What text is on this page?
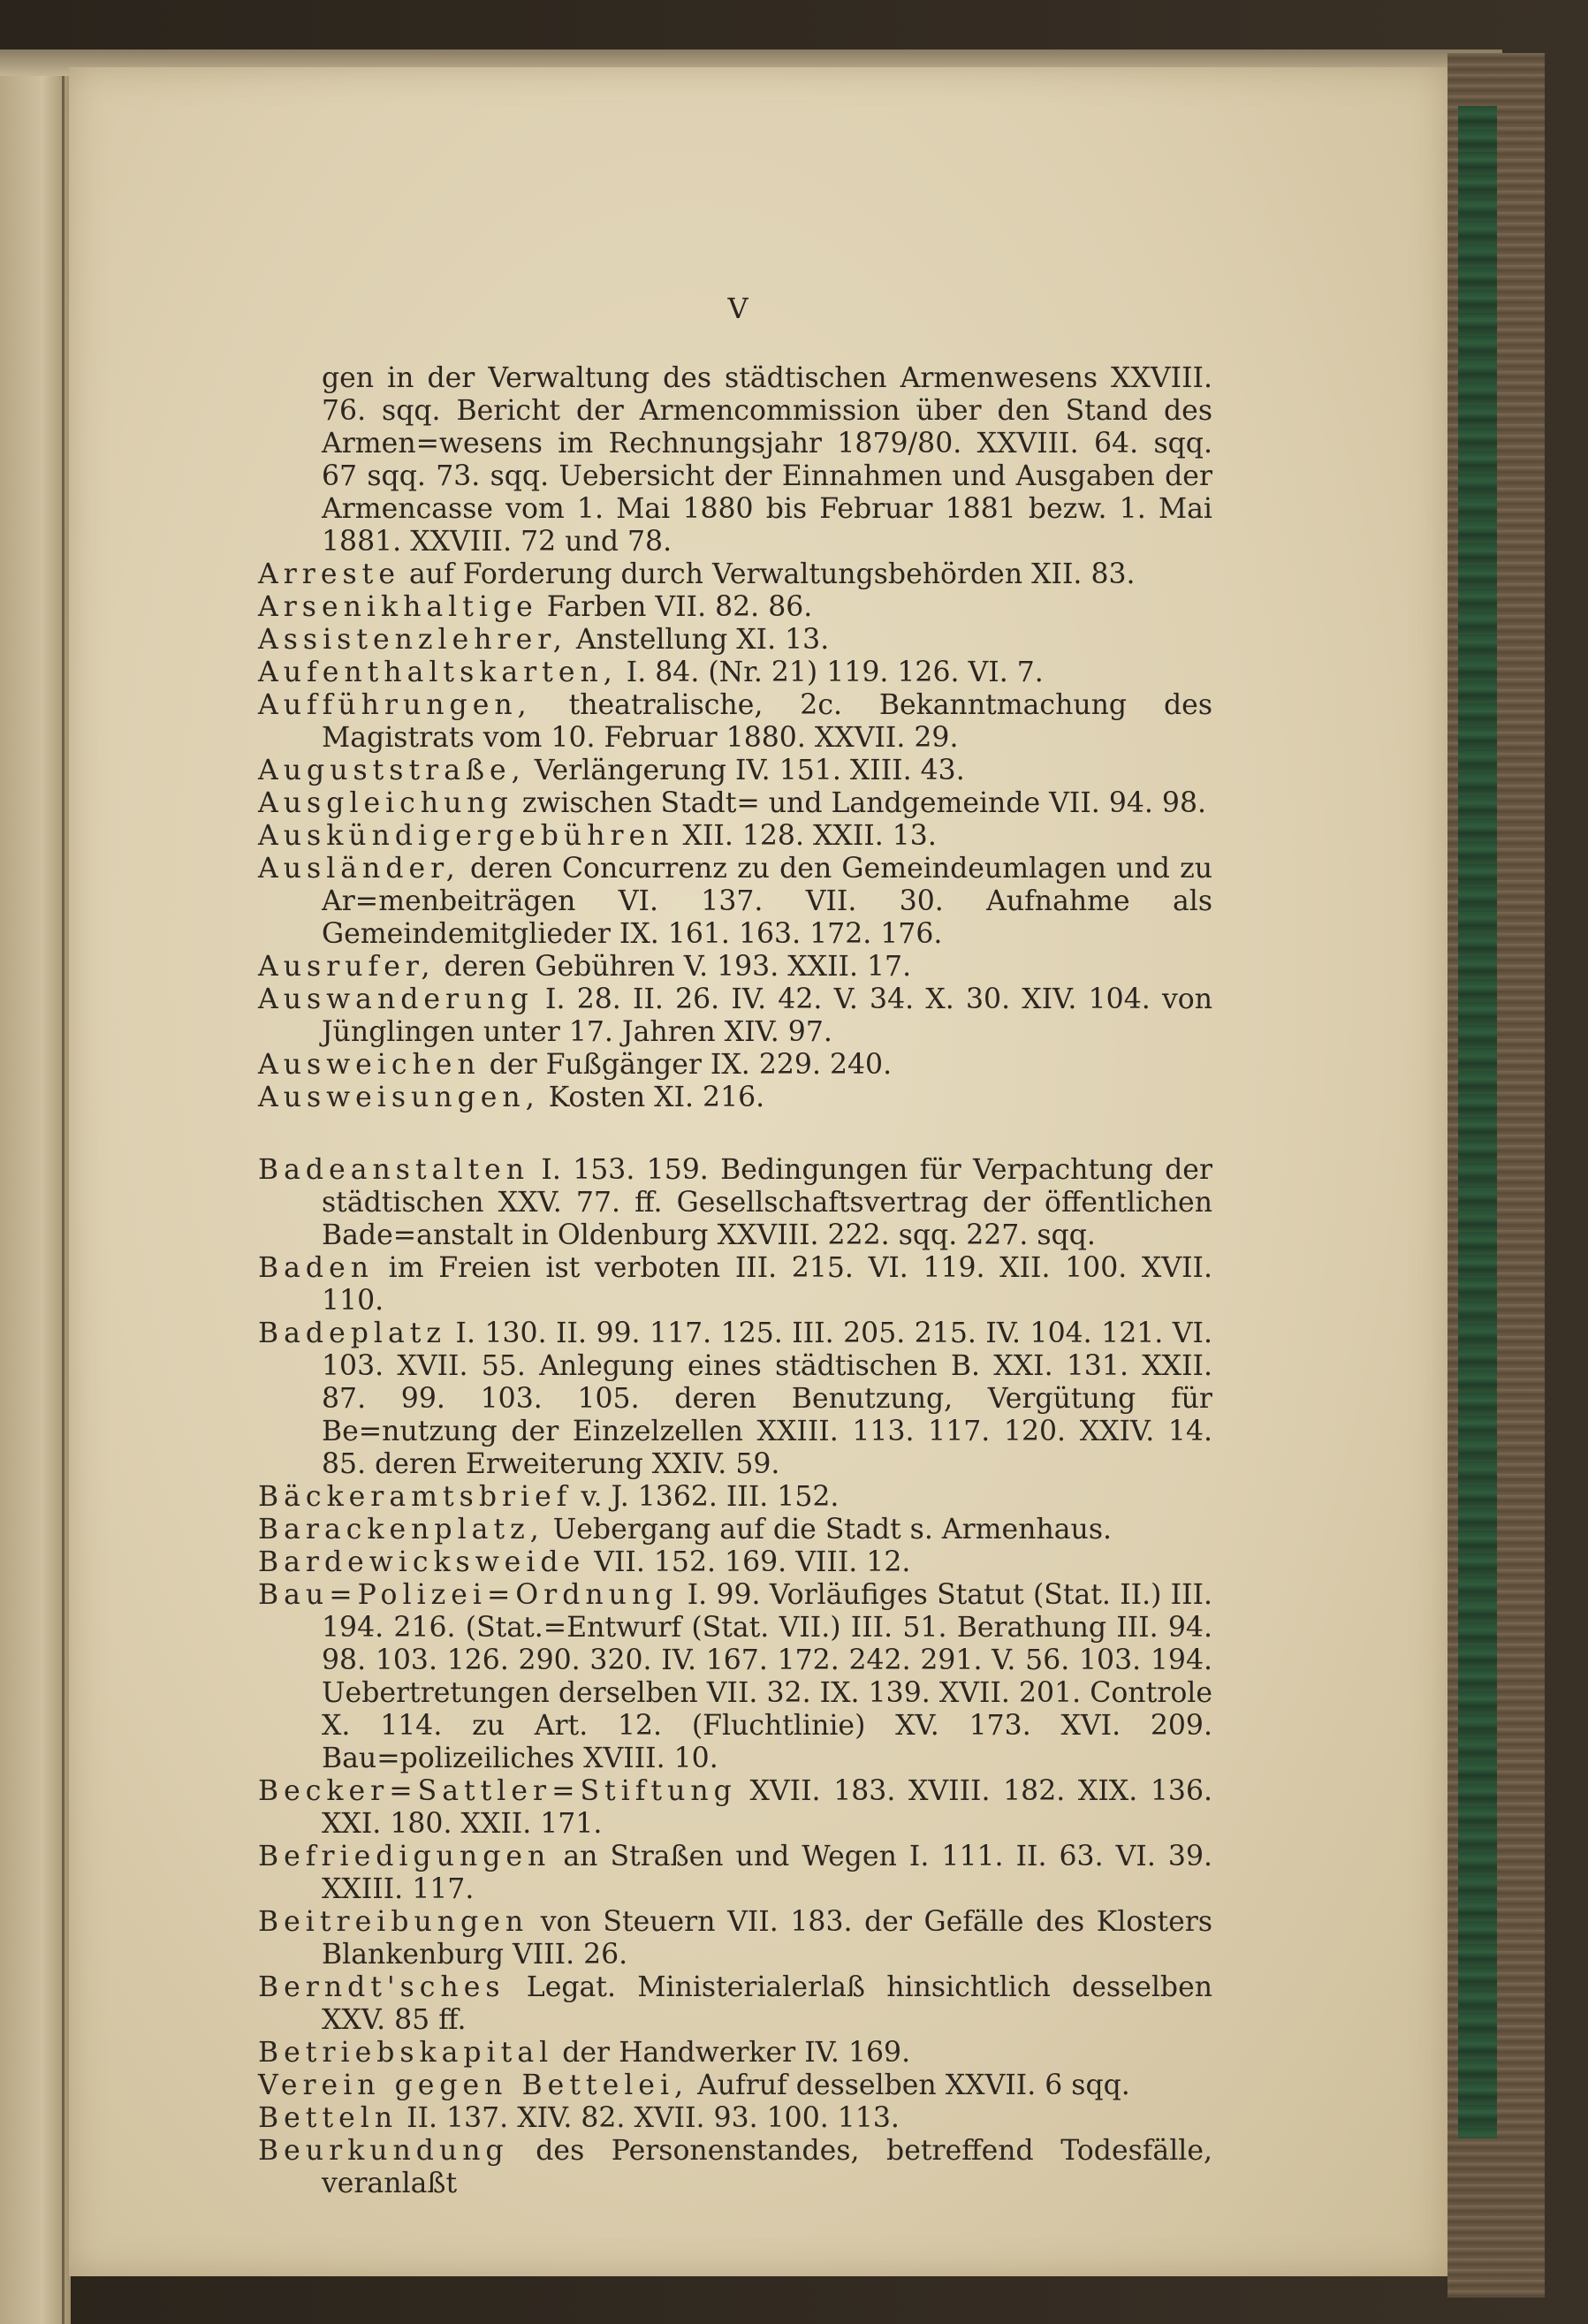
V

gen in der Verwaltung des städtischen Armenwesens XXVIII. 76. sqq. Bericht der Armencommission über den Stand des Armen=wesens im Rechnungsjahr 1879/80. XXVIII. 64. sqq. 67 sqq. 73. sqq. Uebersicht der Einnahmen und Ausgaben der Armencasse vom 1. Mai 1880 bis Februar 1881 bezw. 1. Mai 1881. XXVIII. 72 und 78.

Arreste auf Forderung durch Verwaltungsbehörden XII. 83.

Arsenikhaltige Farben VII. 82. 86.

Assistenzlehrer, Anstellung XI. 13.

Aufenthaltskarten, I. 84. (Nr. 21) 119. 126. VI. 7.

Aufführungen, theatralische, 2c. Bekanntmachung des Magistrats vom 10. Februar 1880. XXVII. 29.

Auguststraße, Verlängerung IV. 151. XIII. 43.

Ausgleichung zwischen Stadt= und Landgemeinde VII. 94. 98.

Auskündigergebühren XII. 128. XXII. 13.

Ausländer, deren Concurrenz zu den Gemeindeumlagen und zu Ar=menbeiträgen VI. 137. VII. 30. Aufnahme als Gemeindemitglieder IX. 161. 163. 172. 176.

Ausrufer, deren Gebühren V. 193. XXII. 17.

Auswanderung I. 28. II. 26. IV. 42. V. 34. X. 30. XIV. 104. von Jünglingen unter 17. Jahren XIV. 97.

Ausweichen der Fußgänger IX. 229. 240.

Ausweisungen, Kosten XI. 216.

Badeanstalten I. 153. 159. Bedingungen für Verpachtung der städtischen XXV. 77. ff. Gesellschaftsvertrag der öffentlichen Bade=anstalt in Oldenburg XXVIII. 222. sqq. 227. sqq.

Baden im Freien ist verboten III. 215. VI. 119. XII. 100. XVII. 110.

Badeplatz I. 130. II. 99. 117. 125. III. 205. 215. IV. 104. 121. VI. 103. XVII. 55. Anlegung eines städtischen B. XXI. 131. XXII. 87. 99. 103. 105. deren Benutzung, Vergütung für Be=nutzung der Einzelzellen XXIII. 113. 117. 120. XXIV. 14. 85. deren Erweiterung XXIV. 59.

Bäckeramtsbrief v. J. 1362. III. 152.

Barackenplatz, Uebergang auf die Stadt s. Armenhaus.

Bardewicksweide VII. 152. 169. VIII. 12.

Bau=Polizei=Ordnung I. 99. Vorläufiges Statut (Stat. II.) III. 194. 216. (Stat.=Entwurf (Stat. VII.) III. 51. Berathung III. 94. 98. 103. 126. 290. 320. IV. 167. 172. 242. 291. V. 56. 103. 194. Uebertretungen derselben VII. 32. IX. 139. XVII. 201. Controle X. 114. zu Art. 12. (Fluchtlinie) XV. 173. XVI. 209. Bau=polizeiliches XVIII. 10.

Becker=Sattler=Stiftung XVII. 183. XVIII. 182. XIX. 136. XXI. 180. XXII. 171.

Befriedigungen an Straßen und Wegen I. 111. II. 63. VI. 39. XXIII. 117.

Beitreibungen von Steuern VII. 183. der Gefälle des Klosters Blankenburg VIII. 26.

Berndt'sches Legat. Ministerialerlaß hinsichtlich desselben XXV. 85 ff.

Betriebskapital der Handwerker IV. 169.

Verein gegen Bettelei, Aufruf desselben XXVII. 6 sqq.

Betteln II. 137. XIV. 82. XVII. 93. 100. 113.

Beurkundung des Personenstandes, betreffend Todesfälle, veranlaßt
